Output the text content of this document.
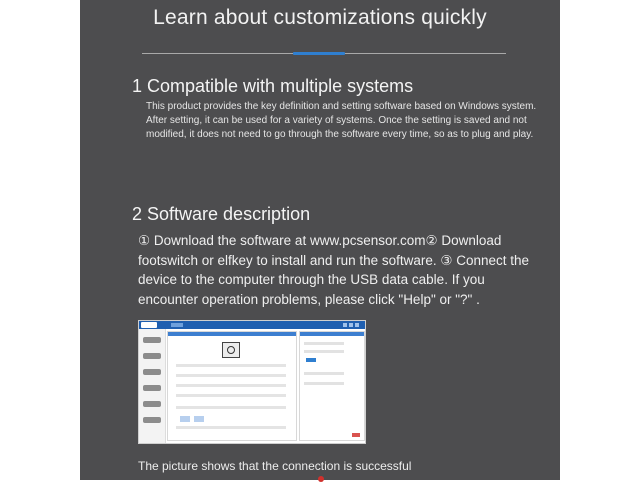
Learn about customizations quickly
1 Compatible with multiple systems
This product provides the key definition and setting software based on Windows system. After setting, it can be used for a variety of systems. Once the setting is saved and not modified, it does not need to go through the software every time, so as to plug and play.
2 Software description
① Download the software at www.pcsensor.com② Download footswitch or elfkey to install and run the software. ③ Connect the device to the computer through the USB data cable. If you encounter operation problems, please click "Help" or "?" .
The picture shows that the connection is successful
